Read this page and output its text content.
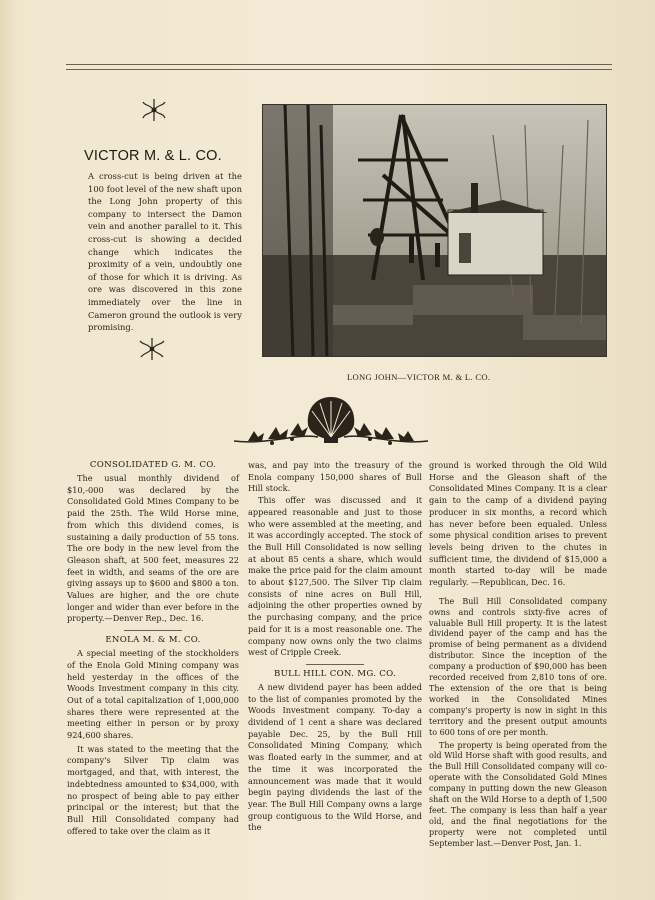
VICTOR M. & L. CO.

A cross-cut is being driven at the 100 foot level of the new shaft upon the Long John property of this company to intersect the Damon vein and another parallel to it. This cross-cut is showing a decided change which indicates the proximity of a vein, undoubtly one of those for which it is driving. As ore was discovered in this zone immediately over the line in Cameron ground the outlook is very promising.

LONG JOHN—VICTOR M. & L. CO.
CONSOLIDATED G. M. CO.

The usual monthly dividend of $10,-000 was declared by the Consolidated Gold Mines Company to be paid the 25th. The Wild Horse mine, from which this dividend comes, is sustaining a daily production of 55 tons. The ore body in the new level from the Gleason shaft, at 500 feet, measures 22 feet in width, and seams of the ore are giving assays up to $600 and $800 a ton. Values are higher, and the ore chute longer and wider than ever before in the property.—Denver Rep., Dec. 16.

ENOLA M. & M. CO.

A special meeting of the stockholders of the Enola Gold Mining company was held yesterday in the offices of the Woods Investment company in this city. Out of a total capitalization of 1,000,000 shares there were represented at the meeting either in person or by proxy 924,600 shares.

It was stated to the meeting that the company's Silver Tip claim was mortgaged, and that, with interest, the indebtedness amounted to $34,000, with no prospect of being able to pay either principal or the interest; but that the Bull Hill Consolidated company had offered to take over the claim as it

was, and pay into the treasury of the Enola company 150,000 shares of Bull Hill stock.

This offer was discussed and it appeared reasonable and just to those who were assembled at the meeting, and it was accordingly accepted. The stock of the Bull Hill Consolidated is now selling at about 85 cents a share, which would make the price paid for the claim amount to about $127,500. The Silver Tip claim consists of nine acres on Bull Hill, adjoining the other properties owned by the purchasing company, and the price paid for it is a most reasonable one. The company now owns only the two claims west of Cripple Creek.

BULL HILL CON. MG. CO.

A new dividend payer has been added to the list of companies promoted by the Woods Investment company. To-day a dividend of 1 cent a share was declared payable Dec. 25, by the Bull Hill Consolidated Mining Company, which was floated early in the summer, and at the time it was incorporated the announcement was made that it would begin paying dividends the last of the year. The Bull Hill Company owns a large group contiguous to the Wild Horse, and the

ground is worked through the Old Wild Horse and the Gleason shaft of the Consolidated Mines Company. It is a clear gain to the camp of a dividend paying producer in six months, a record which has never before been equaled. Unless some physical condition arises to prevent levels being driven to the chutes in sufficient time, the dividend of $15,000 a month started to-day will be made regularly. —Republican, Dec. 16.

The Bull Hill Consolidated company owns and controls sixty-five acres of valuable Bull Hill property. It is the latest dividend payer of the camp and has the promise of being permanent as a dividend distributor. Since the inception of the company a production of $90,000 has been recorded received from 2,810 tons of ore. The extension of the ore that is being worked in the Consolidated Mines company's property is now in sight in this territory and the present output amounts to 600 tons of ore per month.

The property is being operated from the old Wild Horse shaft with good results, and the Bull Hill Consolidated company will co-operate with the Consolidated Gold Mines company in putting down the new Gleason shaft on the Wild Horse to a depth of 1,500 feet. The company is less than half a year old, and the final negotiations for the property were not completed until September last.—Denver Post, Jan. 1.
